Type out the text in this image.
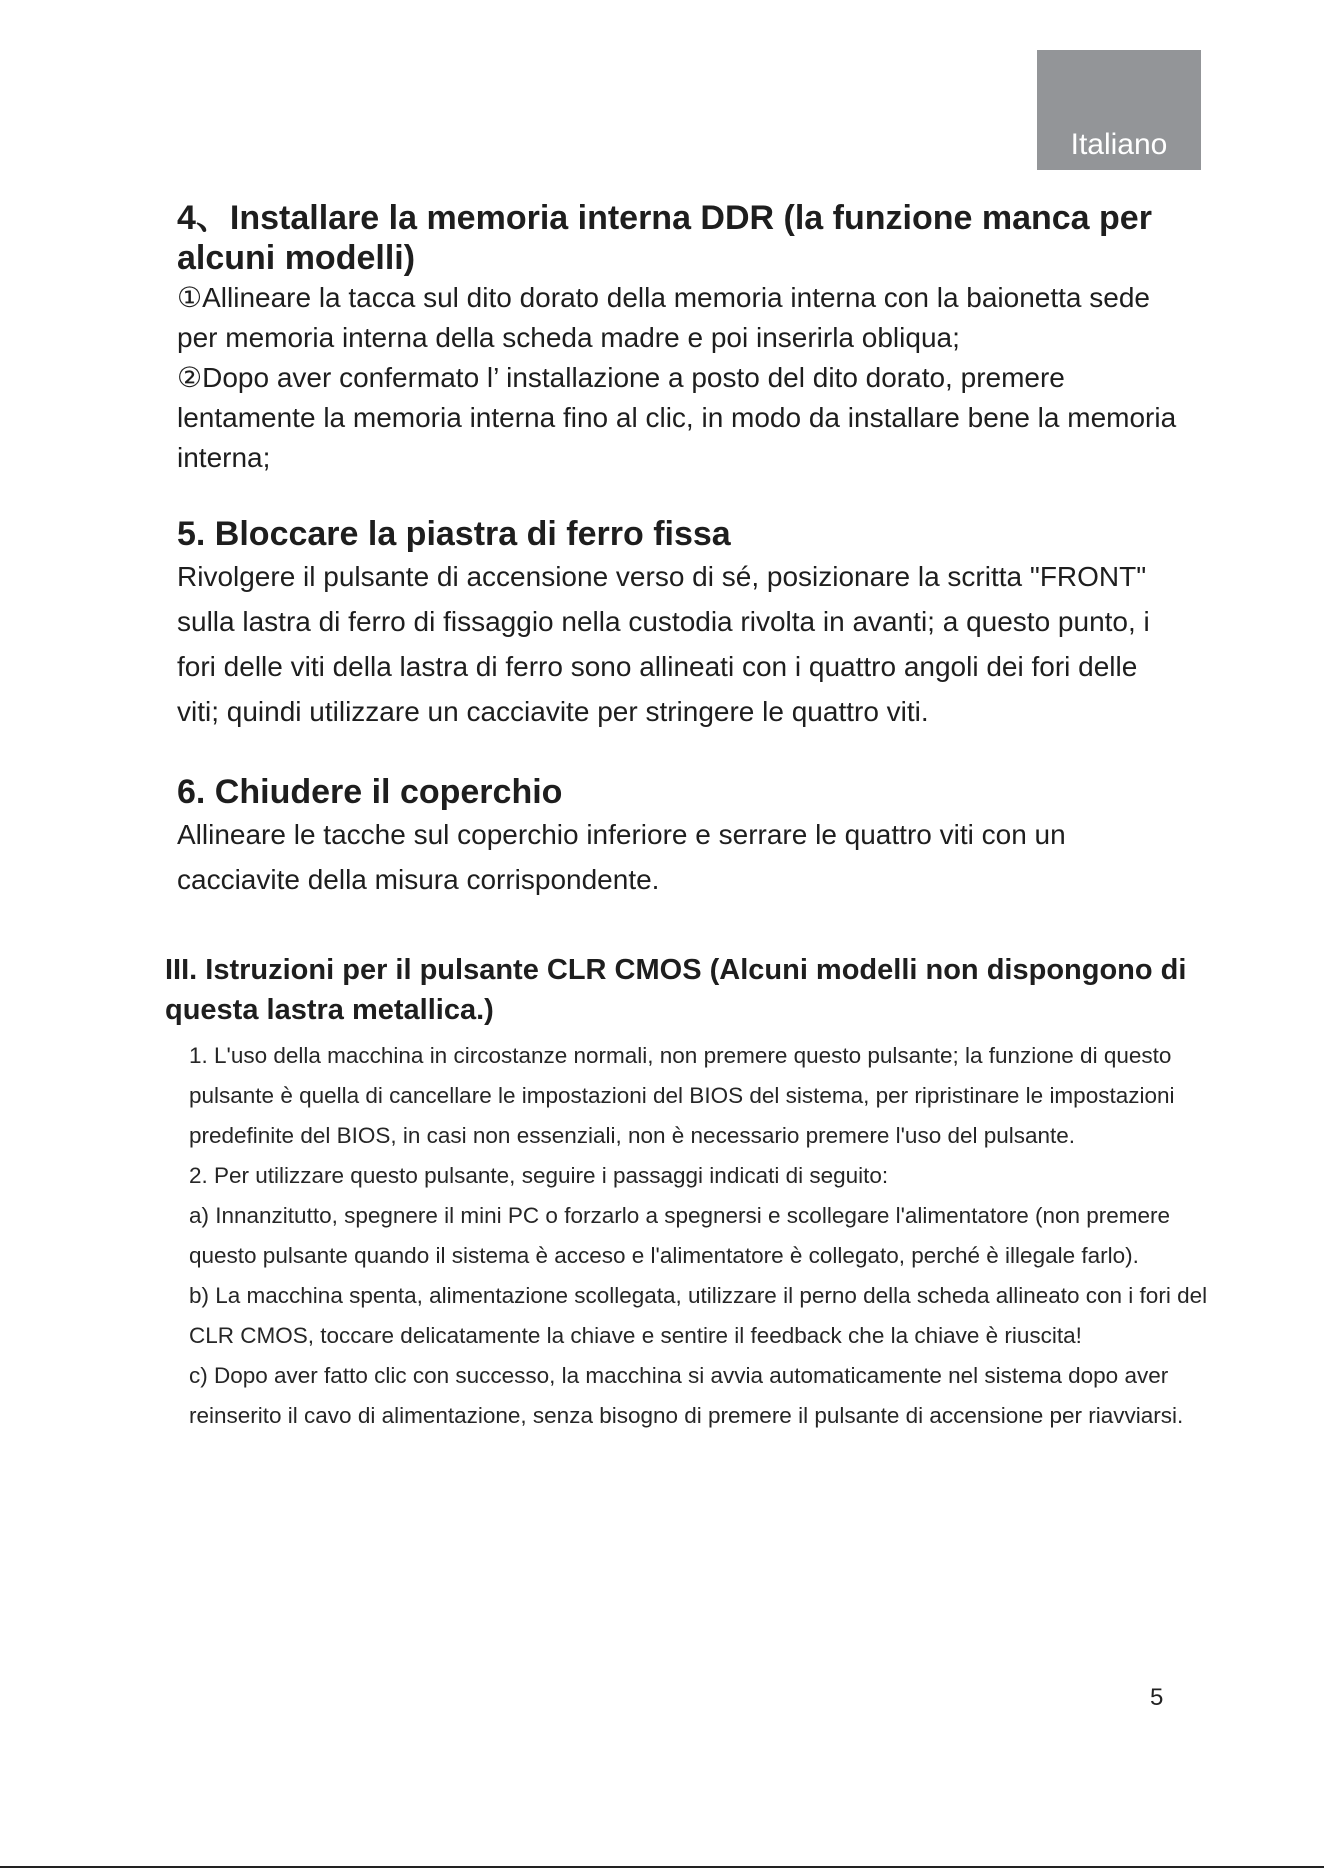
Italiano
4、Installare la memoria interna DDR (la funzione manca per alcuni modelli)

①Allineare la tacca sul dito dorato della memoria interna con la baionetta sede per memoria interna della scheda madre e poi inserirla obliqua;

②Dopo aver confermato l’ installazione a posto del dito dorato, premere lentamente la memoria interna fino al clic, in modo da installare bene la memoria interna;

5. Bloccare la piastra di ferro fissa

Rivolgere il pulsante di accensione verso di sé, posizionare la scritta "FRONT" sulla lastra di ferro di fissaggio nella custodia rivolta in avanti; a questo punto, i fori delle viti della lastra di ferro sono allineati con i quattro angoli dei fori delle viti; quindi utilizzare un cacciavite per stringere le quattro viti.

6. Chiudere il coperchio

Allineare le tacche sul coperchio inferiore e serrare le quattro viti con un cacciavite della misura corrispondente.

III. Istruzioni per il pulsante CLR CMOS (Alcuni modelli non dispongono di questa lastra metallica.)

1. L'uso della macchina in circostanze normali, non premere questo pulsante; la funzione di questo pulsante è quella di cancellare le impostazioni del BIOS del sistema, per ripristinare le impostazioni predefinite del BIOS, in casi non essenziali, non è necessario premere l'uso del pulsante.

2. Per utilizzare questo pulsante, seguire i passaggi indicati di seguito:

a) Innanzitutto, spegnere il mini PC o forzarlo a spegnersi e scollegare l'alimentatore (non premere questo pulsante quando il sistema è acceso e l'alimentatore è collegato, perché è illegale farlo).

b) La macchina spenta, alimentazione scollegata, utilizzare il perno della scheda allineato con i fori del CLR CMOS, toccare delicatamente la chiave e sentire il feedback che la chiave è riuscita!

c) Dopo aver fatto clic con successo, la macchina si avvia automaticamente nel sistema dopo aver reinserito il cavo di alimentazione, senza bisogno di premere il pulsante di accensione per riavviarsi.

5
